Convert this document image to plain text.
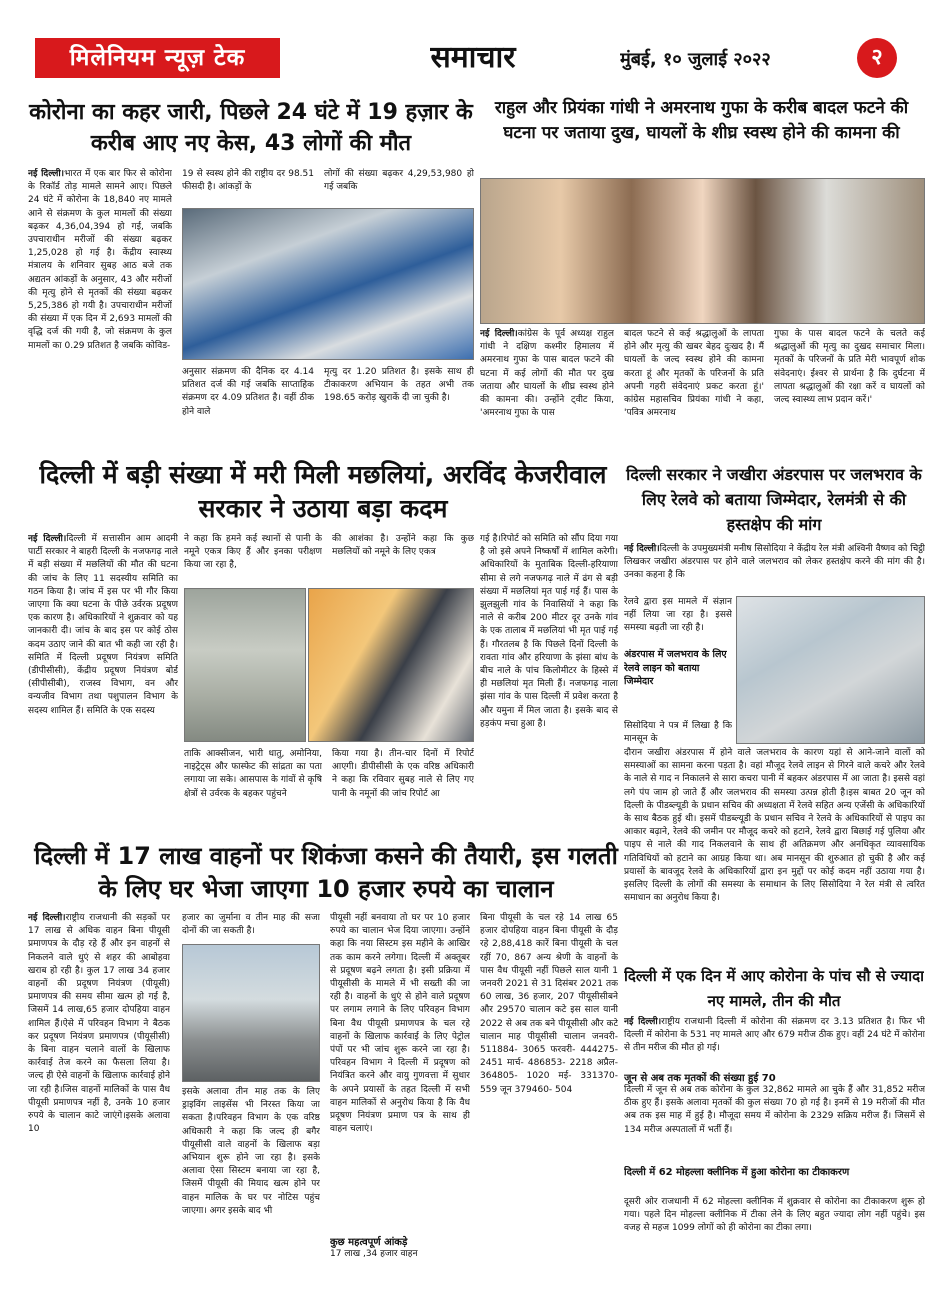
मिलेनियम न्यूज़ टेक	समाचार	मुंबई, १० जुलाई २०२२	२
कोरोना का कहर जारी, पिछले 24 घंटे में 19 हज़ार के करीब आए नए केस, 43 लोगों की मौत
नई दिल्ली।भारत में एक बार फिर से कोरोना के रिकॉर्ड तोड़ मामले सामने आए। पिछले 24 घंटे में कोरोना के 18,840 नए मामले आने से संक्रमण के कुल मामलों की संख्या बढ़कर 4,36,04,394 हो गई, जबकि उपचाराधीन मरीजों की संख्या बढ़कर 1,25,028 हो गई है। केंद्रीय स्वास्थ्य मंत्रालय के शनिवार सुबह आठ बजे तक अद्यतन आंकड़ों के अनुसार, 43 और मरीजों की मृत्यु होने से मृतकों की संख्या बढ़कर 5,25,386 हो गयी है। उपचाराधीन मरीजों की संख्या में एक दिन में 2,693 मामलों की वृद्धि दर्ज की गयी है, जो संक्रमण के कुल मामलों का 0.29 प्रतिशत है जबकि कोविड-
19 से स्वस्थ होने की राष्ट्रीय दर 98.51 फीसदी है। आंकड़ों के
लोगों की संख्या बढ़कर 4,29,53,980 हो गई जबकि
अनुसार संक्रमण की दैनिक दर 4.14 प्रतिशत दर्ज की गई जबकि साप्ताहिक संक्रमण दर 4.09 प्रतिशत है। वहीं ठीक होने वाले
मृत्यु दर 1.20 प्रतिशत है। इसके साथ ही टीकाकरण अभियान के तहत अभी तक 198.65 करोड़ खुराकें दी जा चुकी है।
राहुल और प्रियंका गांधी ने अमरनाथ गुफा के करीब बादल फटने की घटना पर जताया दुख, घायलों के शीघ्र स्वस्थ होने की कामना की
नई दिल्ली।कांग्रेस के पूर्व अध्यक्ष राहुल गांधी ने दक्षिण कश्मीर हिमालय में अमरनाथ गुफा के पास बादल फटने की घटना में कई लोगों की मौत पर दुख जताया और घायलों के शीघ्र स्वस्थ होने की कामना की। उन्होंने ट्वीट किया, 'अमरनाथ गुफा के पास
बादल फटने से कई श्रद्धालुओं के लापता होने और मृत्यु की खबर बेहद दुःखद है। मैं घायलों के जल्द स्वस्थ होने की कामना करता हूं और मृतकों के परिजनों के प्रति अपनी गहरी संवेदनाएं प्रकट करता हूं।' कांग्रेस महासचिव प्रियंका गांधी ने कहा, 'पवित्र अमरनाथ
गुफा के पास बादल फटने के चलते कई श्रद्धालुओं की मृत्यु का दुखद समाचार मिला। मृतकों के परिजनों के प्रति मेरी भावपूर्ण शोक संवेदनाएं। ईश्वर से प्रार्थना है कि दुर्घटना में लापता श्रद्धालुओं की रक्षा करें व घायलों को जल्द स्वास्थ्य लाभ प्रदान करें।'
दिल्ली में बड़ी संख्या में मरी मिली मछलियां, अरविंद केजरीवाल सरकार ने उठाया बड़ा कदम
नई दिल्ली।दिल्ली में सत्तासीन आम आदमी पार्टी सरकार ने बाहरी दिल्ली के नजफगढ़ नाले में बड़ी संख्या में मछलियों की मौत की घटना की जांच के लिए 11 सदस्यीय समिति का गठन किया है। जांच में इस पर भी गौर किया जाएगा कि क्या घटना के पीछे उर्वरक प्रदूषण एक कारण है। अधिकारियों ने शुक्रवार को यह जानकारी दी। जांच के बाद इस पर कोई ठोस कदम उठाए जाने की बात भी कही जा रही है। समिति में दिल्ली प्रदूषण नियंत्रण समिति (डीपीसीसी), केंद्रीय प्रदूषण नियंत्रण बोर्ड (सीपीसीबी), राजस्व विभाग, वन और वन्यजीव विभाग तथा पशुपालन विभाग के सदस्य शामिल हैं। समिति के एक सदस्य
ने कहा कि हमने कई स्थानों से पानी के नमूने एकत्र किए हैं और इनका परीक्षण किया जा रहा है,
की आशंका है। उन्होंने कहा कि कुछ मछलियों को नमूने के लिए एकत्र
ताकि आक्सीजन, भारी धातु, अमोनिया, नाइट्रेट्स और फास्फेट की सांद्रता का पता लगाया जा सके। आसपास के गांवों से कृषि क्षेत्रों से उर्वरक के बहकर पहुंचने
किया गया है। तीन-चार दिनों में रिपोर्ट आएगी। डीपीसीसी के एक वरिष्ठ अधिकारी ने कहा कि रविवार सुबह नाले से लिए गए पानी के नमूनों की जांच रिपोर्ट आ
गई है।रिपोर्ट को समिति को सौंप दिया गया है जो इसे अपने निष्कर्षों में शामिल करेगी। अधिकारियों के मुताबिक दिल्ली-हरियाणा सीमा से लगे नजफगढ़ नाले में ढंग से बड़ी संख्या में मछलियां मृत पाई गई हैं। पास के झुलझुली गांव के निवासियों ने कहा कि नाले से करीब 200 मीटर दूर उनके गांव के एक तालाब में मछलियां भी मृत पाई गई हैं। गौरतलब है कि पिछले दिनों दिल्ली के रावता गांव और हरियाणा के झंसा बांध के बीच नाले के पांच किलोमीटर के हिस्से में ही मछलियां मृत मिली हैं। नजफगढ़ नाला झंसा गांव के पास दिल्ली में प्रवेश करता है और यमुना में मिल जाता है। इसके बाद से हड़कंप मचा हुआ है।
दिल्ली सरकार ने जखीरा अंडरपास पर जलभराव के लिए रेलवे को बताया जिम्मेदार, रेलमंत्री से की हस्तक्षेप की मांग
नई दिल्ली।दिल्ली के उपमुख्यमंत्री मनीष सिसोदिया ने केंद्रीय रेल मंत्री अश्विनी वैष्णव को चिट्ठी लिखकर जखीरा अंडरपास पर होने वाले जलभराव को लेकर हस्तक्षेप करने की मांग की है। उनका कहना है कि
रेलवे द्वारा इस मामले में संज्ञान नहीं लिया जा रहा है। इससे समस्या बढ़ती जा रही है।
अंडरपास में जलभराव के लिए रेलवे लाइन को बताया जिम्मेदार
सिसोदिया ने पत्र में लिखा है कि मानसून के
दौरान जखीरा अंडरपास में होने वाले जलभराव के कारण यहां से आने-जाने वालों को समस्याओं का सामना करना पड़ता है। वहां मौजूद रेलवे लाइन से गिरने वाले कचरे और रेलवे के नाले से गाद न निकालने से सारा कचरा पानी में बहकर अंडरपास में आ जाता है। इससे वहां लगे पंप जाम हो जाते हैं और जलभराव की समस्या उत्पन्न होती है।इस बाबत 20 जून को दिल्ली के पीडब्ल्यूडी के प्रधान सचिव की अध्यक्षता में रेलवे सहित अन्य एजेंसी के अधिकारियों के साथ बैठक हुई थी। इसमें पीडब्ल्यूडी के प्रधान सचिव ने रेलवे के अधिकारियों से पाइप का आकार बढ़ाने, रेलवे की जमीन पर मौजूद कचरे को हटाने, रेलवे द्वारा बिछाई गई पुलिया और पाइप से नाले की गाद निकलवाने के साथ ही अतिक्रमण और अनधिकृत व्यावसायिक गतिविधियों को हटाने का आग्रह किया था। अब मानसून की शुरुआत हो चुकी है और कई प्रयासों के बावजूद रेलवे के अधिकारियों द्वारा इन मुद्दों पर कोई कदम नहीं उठाया गया है। इसलिए दिल्ली के लोगों की समस्या के समाधान के लिए सिसोदिया ने रेल मंत्री से त्वरित समाधान का अनुरोध किया है।
दिल्ली में 17 लाख वाहनों पर शिकंजा कसने की तैयारी, इस गलती के लिए घर भेजा जाएगा 10 हजार रुपये का चालान
नई दिल्ली।राष्ट्रीय राजधानी की सड़कों पर 17 लाख से अधिक वाहन बिना पीयूसी प्रमाणपत्र के दौड़ रहे हैं और इन वाहनों से निकलने वाले धुएं से शहर की आबोहवा खराब हो रही है। कुल 17 लाख 34 हजार वाहनों की प्रदूषण नियंत्रण (पीयूसी) प्रमाणपत्र की समय सीमा खत्म हो गई है, जिसमें 14 लाख,65 हजार दोपहिया वाहन शामिल हैं।ऐसे में परिवहन विभाग ने बैठक कर प्रदूषण नियंत्रण प्रमाणपत्र (पीयूसीसी) के बिना वाहन चलाने वालों के खिलाफ कार्रवाई तेज करने का फैसला लिया है। जल्द ही ऐसे वाहनों के खिलाफ कार्रवाई होने जा रही है।जिस वाहनों मालिकों के पास वैध पीयूसी प्रमाणपत्र नहीं है, उनके 10 हजार रुपये के चालान काटे जाएंगे।इसके अलावा 10
हजार का जुर्माना व तीन माह की सजा दोनों की जा सकती है।
इसके अलावा तीन माह तक के लिए ड्राइविंग लाइसेंस भी निरस्त किया जा सकता है।परिवहन विभाग के एक वरिष्ठ अधिकारी ने कहा कि जल्द ही बगैर पीयूसीसी वाले वाहनों के खिलाफ बड़ा अभियान शुरू होने जा रहा है। इसके अलावा ऐसा सिस्टम बनाया जा रहा है, जिसमें पीयूसी की मियाद खत्म होने पर वाहन मालिक के घर पर नोटिस पहुंच जाएगा। अगर इसके बाद भी
पीयूसी नहीं बनवाया तो घर पर 10 हजार रुपये का चालान भेज दिया जाएगा। उन्होंने कहा कि नया सिस्टम इस महीने के आखिर तक काम करने लगेगा। दिल्ली में अक्तूबर से प्रदूषण बढ़ने लगता है। इसी प्रक्रिया में पीयूसीसी के मामले में भी सख्ती की जा रही है। वाहनों के धुएं से होने वाले प्रदूषण पर लगाम लगाने के लिए परिवहन विभाग बिना वैध पीयूसी प्रमाणपत्र के चल रहे वाहनों के खिलाफ कार्रवाई के लिए पेट्रोल पंपों पर भी जांच शुरू करने जा रहा है। परिवहन विभाग ने दिल्ली में प्रदूषण को नियंत्रित करने और वायु गुणवत्ता में सुधार के अपने प्रयासों के तहत दिल्ली में सभी वाहन मालिकों से अनुरोध किया है कि वैध प्रदूषण नियंत्रण प्रमाण पत्र के साथ ही वाहन चलाएं।
कुछ महत्वपूर्ण आंकड़े
17 लाख ,34 हजार वाहन
बिना पीयूसी के चल रहे 14 लाख 65 हजार दोपहिया वाहन बिना पीयूसी के दौड़ रहे 2,88,418 कारें बिना पीयूसी के चल रहीं 70, 867 अन्य श्रेणी के वाहनों के पास वैध पीयूसी नहीं पिछले साल यानी 1 जनवरी 2021 से 31 दिसंबर 2021 तक 60 लाख, 36 हजार, 207 पीयूसीसीबने और 29570 चालान कटे इस साल यानी 2022 से अब तक बने पीयूसीसी और कटे चालान माह पीयूसीसी चालान जनवरी- 511884- 3065 फरवरी- 444275- 2451 मार्च- 486853- 2218 अप्रैल- 364805- 1020 मई- 331370- 559 जून 379460- 504
दिल्ली में एक दिन में आए कोरोना के पांच सौ से ज्यादा नए मामले, तीन की मौत
नई दिल्ली।राष्ट्रीय राजधानी दिल्ली में कोरोना की संक्रमण दर 3.13 प्रतिशत है। फिर भी दिल्ली में कोरोना के 531 नए मामले आए और 679 मरीज ठीक हुए। वहीं 24 घंटे में कोरोना से तीन मरीज की मौत हो गई।
जून से अब तक मृतकों की संख्या हुई 70
दिल्ली में जून से अब तक कोरोना के कुल 32,862 मामले आ चुके हैं और 31,852 मरीज ठीक हुए हैं। इसके अलावा मृतकों की कुल संख्या 70 हो गई है। इनमें से 19 मरीजों की मौत अब तक इस माह में हुई है। मौजूदा समय में कोरोना के 2329 सक्रिय मरीज हैं। जिसमें से 134 मरीज अस्पतालों में भर्ती हैं।
दिल्ली में 62 मोहल्ला क्लीनिक में हुआ कोरोना का टीकाकरण
दूसरी ओर राजधानी में 62 मोहल्ला क्लीनिक में शुक्रवार से कोरोना का टीकाकरण शुरू हो गया। पहले दिन मोहल्ला क्लीनिक में टीका लेने के लिए बहुत ज्यादा लोग नहीं पहुंचे। इस वजह से महज 1099 लोगों को ही कोरोना का टीका लगा।
